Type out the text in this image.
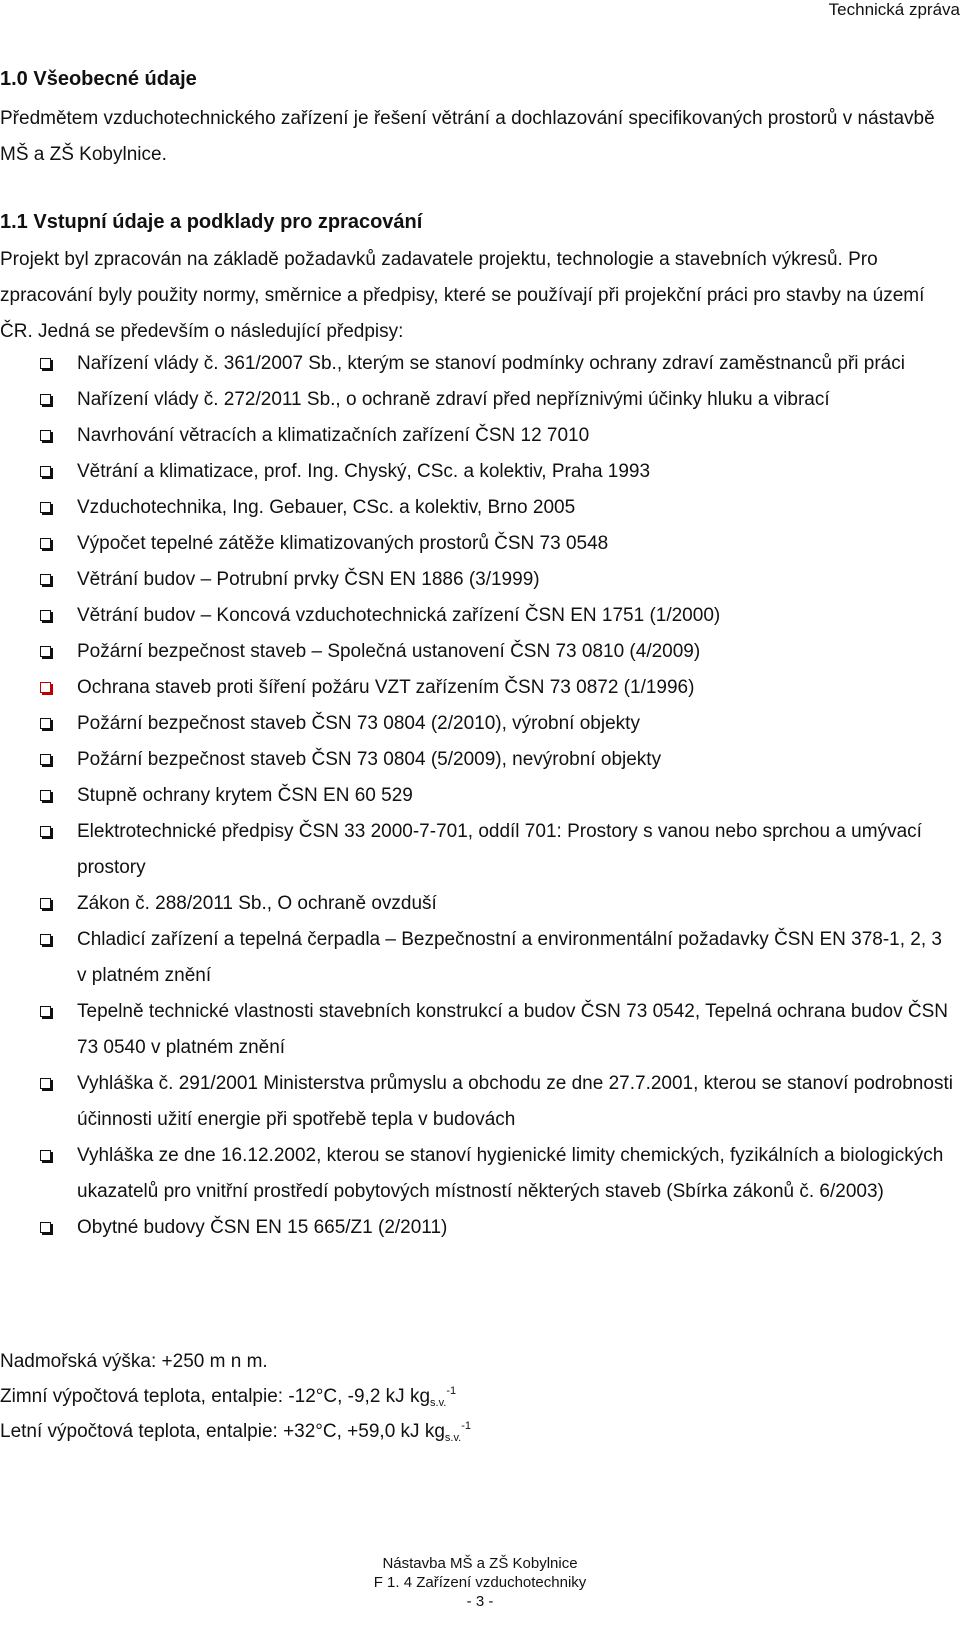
Technická zpráva
1.0 Všeobecné údaje

Předmětem vzduchotechnického zařízení je řešení větrání a dochlazování specifikovaných prostorů v nástavbě MŠ a ZŠ Kobylnice.

1.1 Vstupní údaje a podklady pro zpracování

Projekt byl zpracován na základě požadavků zadavatele projektu, technologie a stavebních výkresů. Pro zpracování byly použity normy, směrnice a předpisy, které se používají při projekční práci pro stavby na území ČR. Jedná se především o následující předpisy:

Nařízení vlády č. 361/2007 Sb., kterým se stanoví podmínky ochrany zdraví zaměstnanců při práci
Nařízení vlády č. 272/2011 Sb., o ochraně zdraví před nepříznivými účinky hluku a vibrací
Navrhování větracích a klimatizačních zařízení ČSN 12 7010
Větrání a klimatizace, prof. Ing. Chyský, CSc. a kolektiv, Praha 1993
Vzduchotechnika, Ing. Gebauer, CSc. a kolektiv, Brno 2005
Výpočet tepelné zátěže klimatizovaných prostorů ČSN 73 0548
Větrání budov – Potrubní prvky ČSN EN 1886 (3/1999)
Větrání budov – Koncová vzduchotechnická zařízení ČSN EN 1751 (1/2000)
Požární bezpečnost staveb – Společná ustanovení ČSN 73 0810 (4/2009)
Ochrana staveb proti šíření požáru VZT zařízením ČSN 73 0872 (1/1996)
Požární bezpečnost staveb ČSN 73 0804 (2/2010), výrobní objekty
Požární bezpečnost staveb ČSN 73 0804 (5/2009), nevýrobní objekty
Stupně ochrany krytem ČSN EN 60 529
Elektrotechnické předpisy ČSN 33 2000-7-701, oddíl 701: Prostory s vanou nebo sprchou a umývací prostory
Zákon č. 288/2011 Sb., O ochraně ovzduší
Chladicí zařízení a tepelná čerpadla – Bezpečnostní a environmentální požadavky ČSN EN 378-1, 2, 3 v platném znění
Tepelně technické vlastnosti stavebních konstrukcí a budov ČSN 73 0542, Tepelná ochrana budov ČSN 73 0540 v platném znění
Vyhláška č. 291/2001 Ministerstva průmyslu a obchodu ze dne 27.7.2001, kterou se stanoví podrobnosti účinnosti užití energie při spotřebě tepla v budovách
Vyhláška ze dne 16.12.2002, kterou se stanoví hygienické limity chemických, fyzikálních a biologických ukazatelů pro vnitřní prostředí pobytových místností některých staveb (Sbírka zákonů č. 6/2003)
Obytné budovy ČSN EN 15 665/Z1 (2/2011)
Nadmořská výška: +250 m n m.
Zimní výpočtová teplota, entalpie: -12°C, -9,2 kJ $kg_{s.v.}^{-1}$
Letní výpočtová teplota, entalpie: +32°C, +59,0 kJ $kg_{s.v.}^{-1}$
Nástavba MŠ a ZŠ Kobylnice
F 1. 4 Zařízení vzduchotechniky
- 3 -
